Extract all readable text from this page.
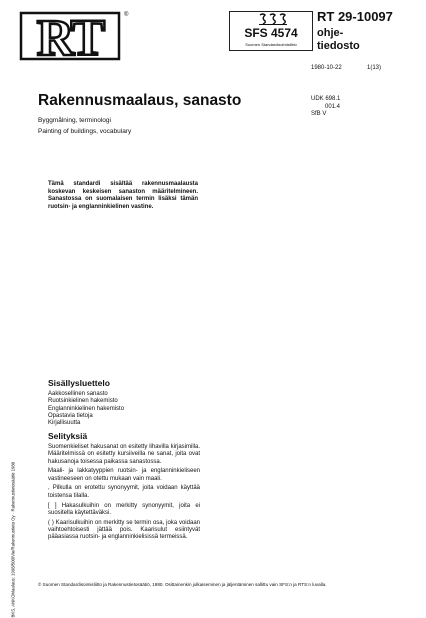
RT	®
SFS 4574
Suomen Standardisoimisliitto
RT 29-10097
ohje-
tiedosto
1980-10-22	1(13)
Rakennusmaalaus, sanasto
Byggmålning, terminologi
Painting of buildings, vocabulary
UDK 698.1
001.4
SfB V
Tämä standardi sisältää rakennusmaalausta koskevan keskeisen sanaston määritelmineen. Sanastossa on suomalaisen termin lisäksi tämän ruotsin- ja englanninkielinen vastine.
BKS, ANKOMaalaus: 1998/500/Vie/Rakennustieto Oy · Rakennustietosäätiö 1980
Sisällysluettelo
Aakkosellinen sanasto
Ruotsinkielinen hakemisto
Englanninkielinen hakemisto
Opastavia tietoja
Kirjallisuutta
Selityksiä

Suomenkieliset hakusanat on esitetty lihavilla kirjasimilla. Määritelmissä on esitetty kursiiveilla ne sanat, joita ovat hakusanoja toisessa paikassa sanastossa.

Maali- ja lakkatyyppien ruotsin- ja englanninkieliseen vastineeseen on otettu mukaan vain maali.

, Pilkulla on erotettu synonyymit, joita voidaan käyttää toistensa tilalla.

[ ] Hakasulkuihin on merkitty synonyymit, joita ei suositella käytettäväksi.

( ) Kaarisulkuihin on merkitty se termin osa, joka voidaan vaihtoehtoisesti jättää pois. Kaarisulut esiintyvät pääasiassa ruotsin- ja englanninkielisissä termeissä.

© Suomen Standardisoimisliitto ja Rakennustietosäätiö, 1980. Osittainenkin julkaiseminen ja jäljentäminen sallittu vain SFS:n ja RTS:n luvalla.
